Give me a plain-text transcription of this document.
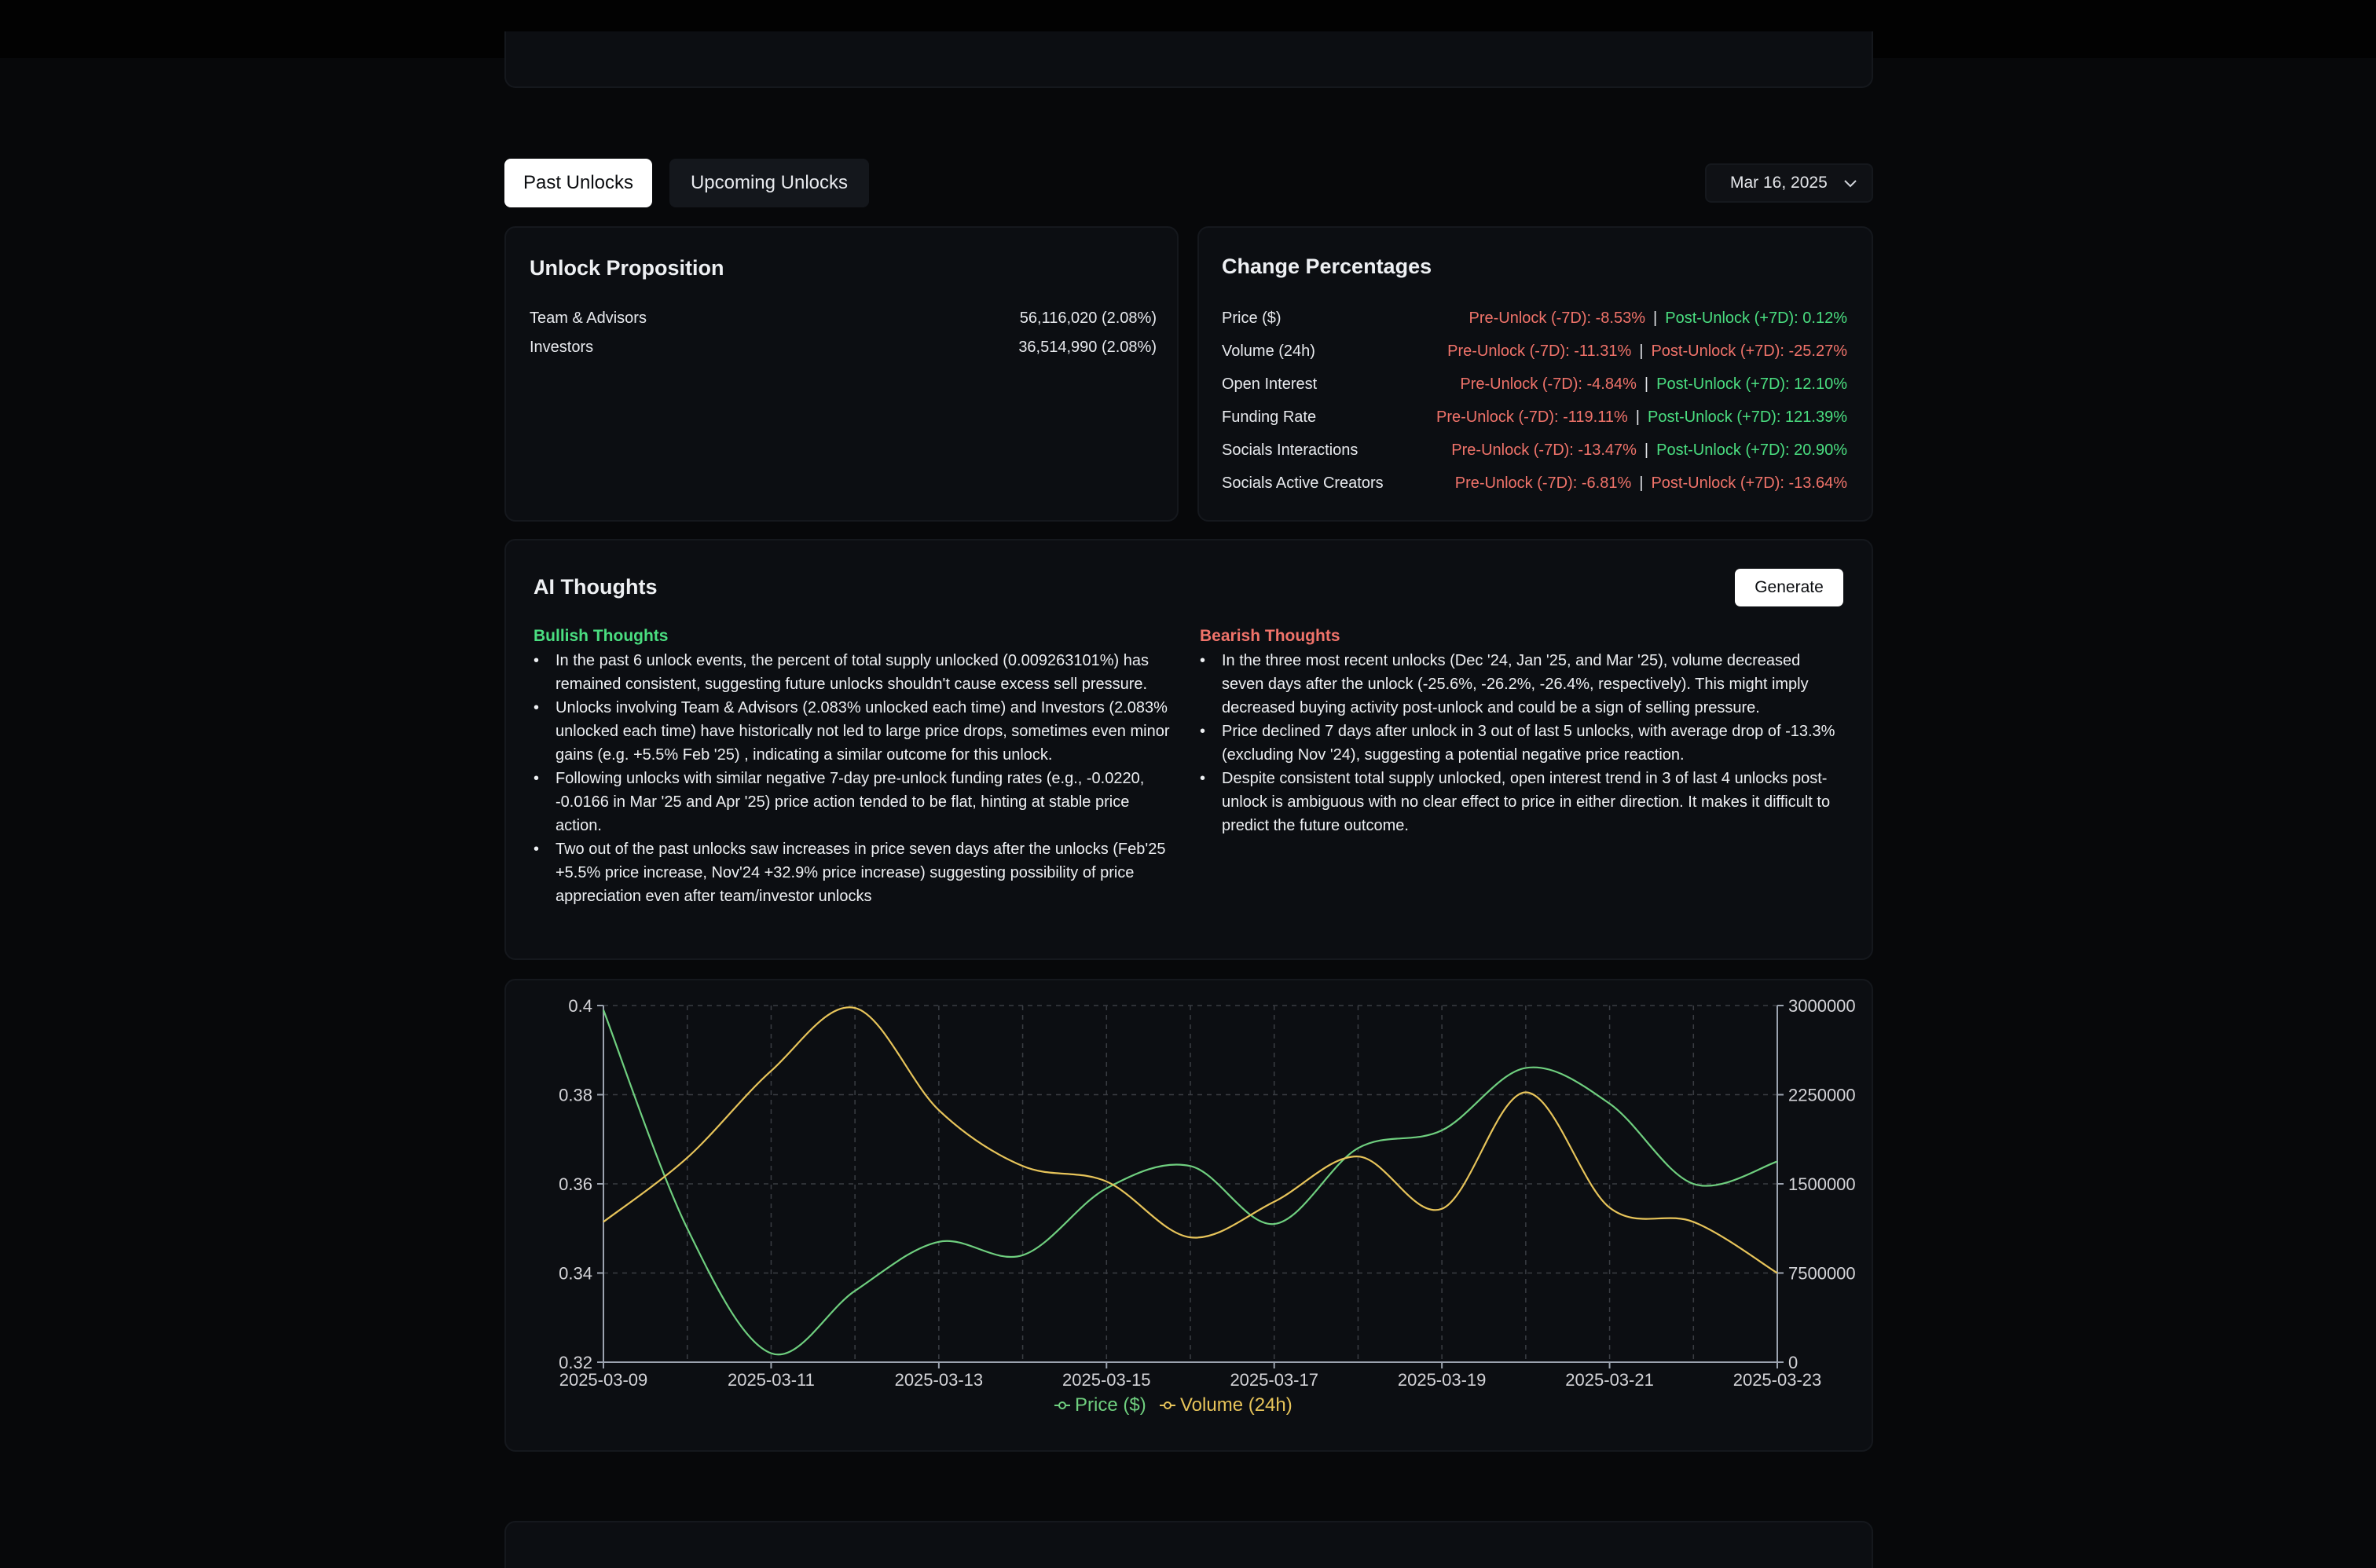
Past Unlocks	Upcoming Unlocks	Mar 16, 2025
Unlock Proposition
Team & Advisors	56,116,020 (2.08%)
Investors	36,514,990 (2.08%)
Change Percentages
Price ($)	Pre-Unlock (-7D): -8.53% | Post-Unlock (+7D): 0.12%
Volume (24h)	Pre-Unlock (-7D): -11.31% | Post-Unlock (+7D): -25.27%
Open Interest	Pre-Unlock (-7D): -4.84% | Post-Unlock (+7D): 12.10%
Funding Rate	Pre-Unlock (-7D): -119.11% | Post-Unlock (+7D): 121.39%
Socials Interactions	Pre-Unlock (-7D): -13.47% | Post-Unlock (+7D): 20.90%
Socials Active Creators	Pre-Unlock (-7D): -6.81% | Post-Unlock (+7D): -13.64%
AI Thoughts	Generate
Bullish Thoughts
• In the past 6 unlock events, the percent of total supply unlocked (0.009263101%) has remained consistent, suggesting future unlocks shouldn't cause excess sell pressure.
• Unlocks involving Team & Advisors (2.083% unlocked each time) and Investors (2.083% unlocked each time) have historically not led to large price drops, sometimes even minor gains (e.g. +5.5% Feb '25) , indicating a similar outcome for this unlock.
• Following unlocks with similar negative 7-day pre-unlock funding rates (e.g., -0.0220, -0.0166 in Mar '25 and Apr '25) price action tended to be flat, hinting at stable price action.
• Two out of the past unlocks saw increases in price seven days after the unlocks (Feb'25 +5.5% price increase, Nov'24 +32.9% price increase) suggesting possibility of price appreciation even after team/investor unlocks
Bearish Thoughts
• In the three most recent unlocks (Dec '24, Jan '25, and Mar '25), volume decreased seven days after the unlock (-25.6%, -26.2%, -26.4%, respectively). This might imply decreased buying activity post-unlock and could be a sign of selling pressure.
• Price declined 7 days after unlock in 3 out of last 5 unlocks, with average drop of -13.3% (excluding Nov '24), suggesting a potential negative price reaction.
• Despite consistent total supply unlocked, open interest trend in 3 of last 4 unlocks post-unlock is ambiguous with no clear effect to price in either direction. It makes it difficult to predict the future outcome.
0.32
0.34
0.36
0.38
0.4
0
7500000
1500000
2250000
3000000
2025-03-09	2025-03-11	2025-03-13	2025-03-15	2025-03-17	2025-03-19	2025-03-21	2025-03-23
Price ($) Volume (24h)
